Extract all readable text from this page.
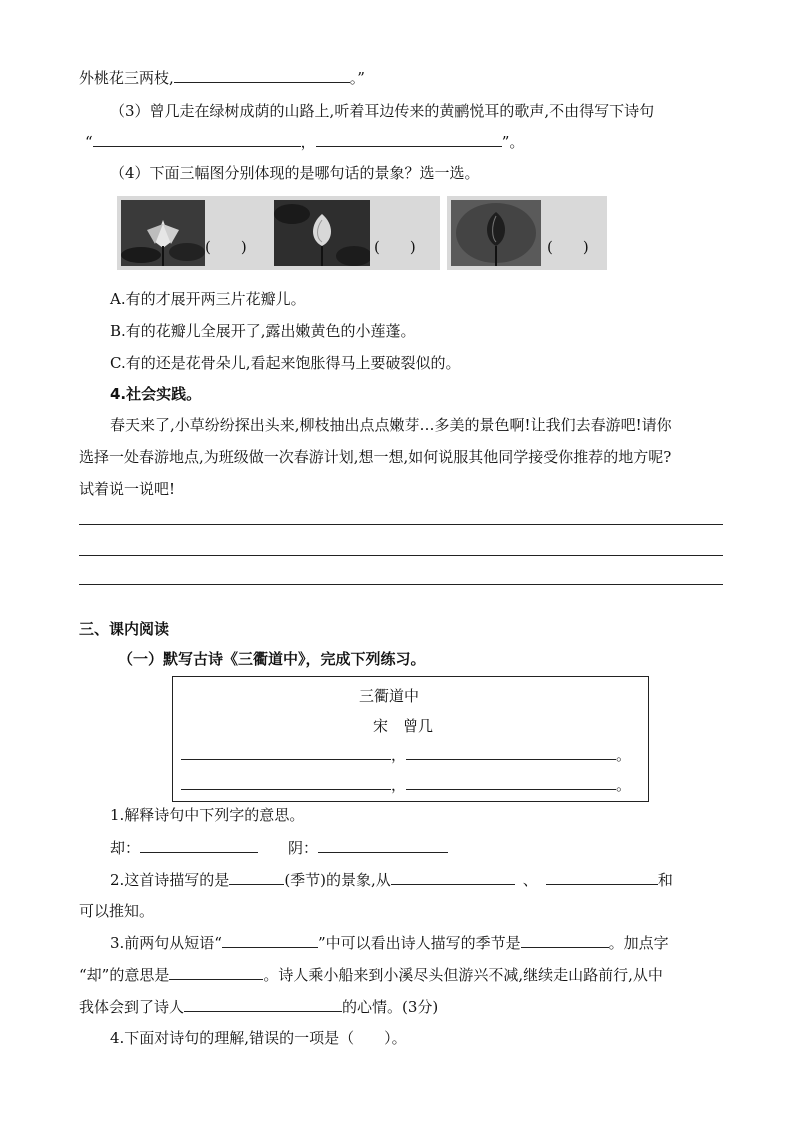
外桃花三两枝,	。”
（3）曾几走在绿树成荫的山路上,听着耳边传来的黄鹂悦耳的歌声,不由得写下诗句
“	，	”。
（4）下面三幅图分别体现的是哪句话的景象？选一选。
(　　)	(　　)	(　　)
A.有的才展开两三片花瓣儿。
B.有的花瓣儿全展开了,露出嫩黄色的小莲蓬。
C.有的还是花骨朵儿,看起来饱胀得马上要破裂似的。
4.社会实践。
春天来了,小草纷纷探出头来,柳枝抽出点点嫩芽…多美的景色啊!让我们去春游吧!请你
选择一处春游地点,为班级做一次春游计划,想一想,如何说服其他同学接受你推荐的地方呢?
试着说一说吧!
三、课内阅读
（一）默写古诗《三衢道中》，完成下列练习。
三衢道中
宋　曾几
，	。
，	。
1.解释诗句中下列字的意思。
却：	阴：
2.这首诗描写的是	(季节)的景象,从	、	和
可以推知。
3.前两句从短语“	”中可以看出诗人描写的季节是	。加点字
“却”的意思是	。诗人乘小船来到小溪尽头但游兴不减,继续走山路前行,从中
我体会到了诗人	的心情。(3分)
4.下面对诗句的理解,错误的一项是（　　）。
